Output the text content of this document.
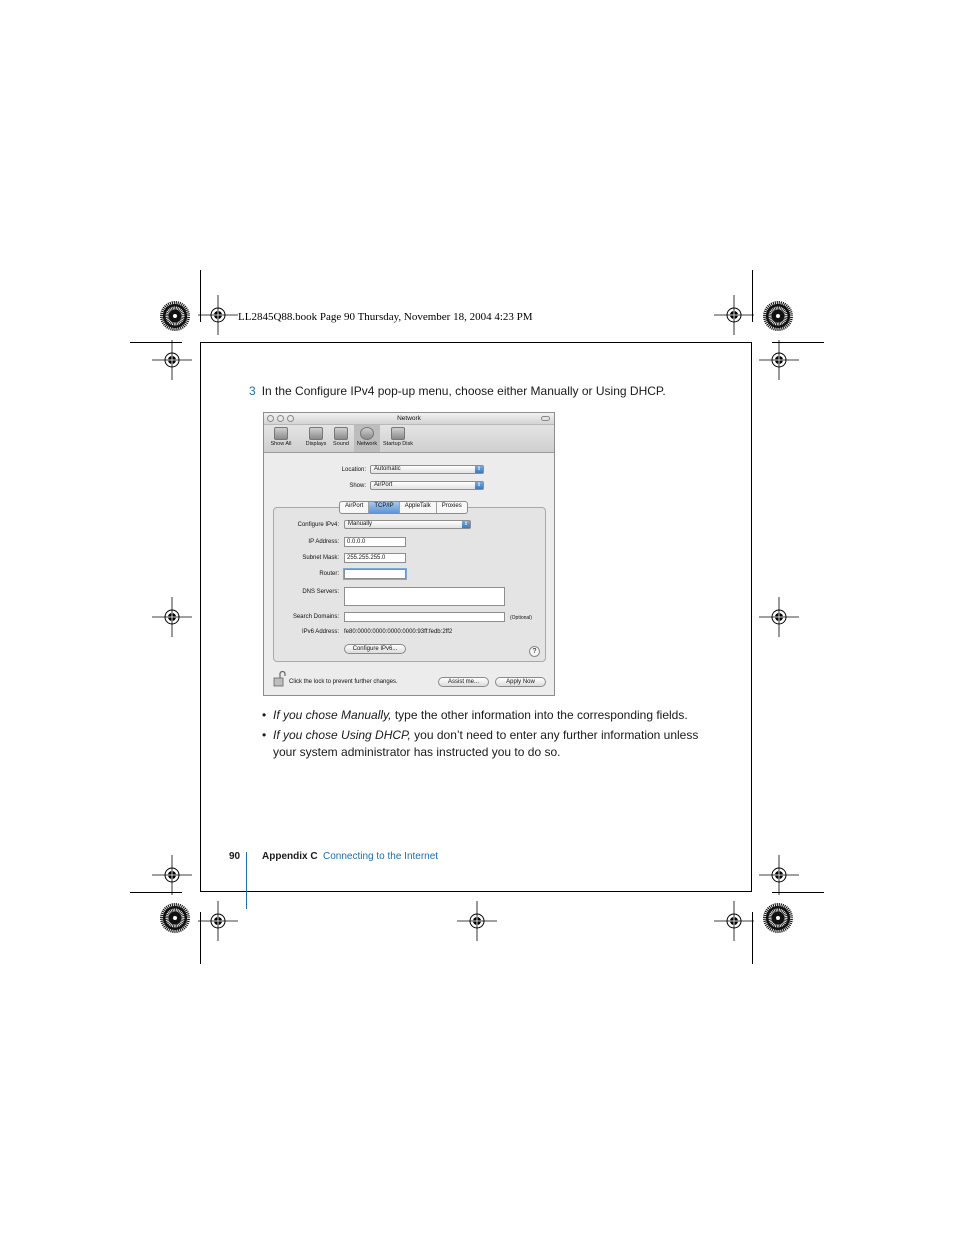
LL2845Q88.book Page 90 Thursday, November 18, 2004 4:23 PM
3 In the Configure IPv4 pop-up menu, choose either Manually or Using DHCP.
Network
Show All	Displays	Sound	Network	Startup Disk
Location:	Automatic	⇕
Show:	AirPort	⇕
AirPort	TCP/IP	AppleTalk	Proxies
Configure IPv4:	Manually	⇕
IP Address:	0.0.0.0
Subnet Mask:	255.255.255.0
Router:
DNS Servers:
Search Domains:	(Optional)
IPv6 Address: fe80:0000:0000:0000:0000:93ff:fedb:2ff2
Configure IPv6...	?
Click the lock to prevent further changes.	Assist me...	Apply Now
• If you chose Manually, type the other information into the corresponding fields.
• If you chose Using DHCP, you don’t need to enter any further information unless your system administrator has instructed you to do so.
90 Appendix C Connecting to the Internet
